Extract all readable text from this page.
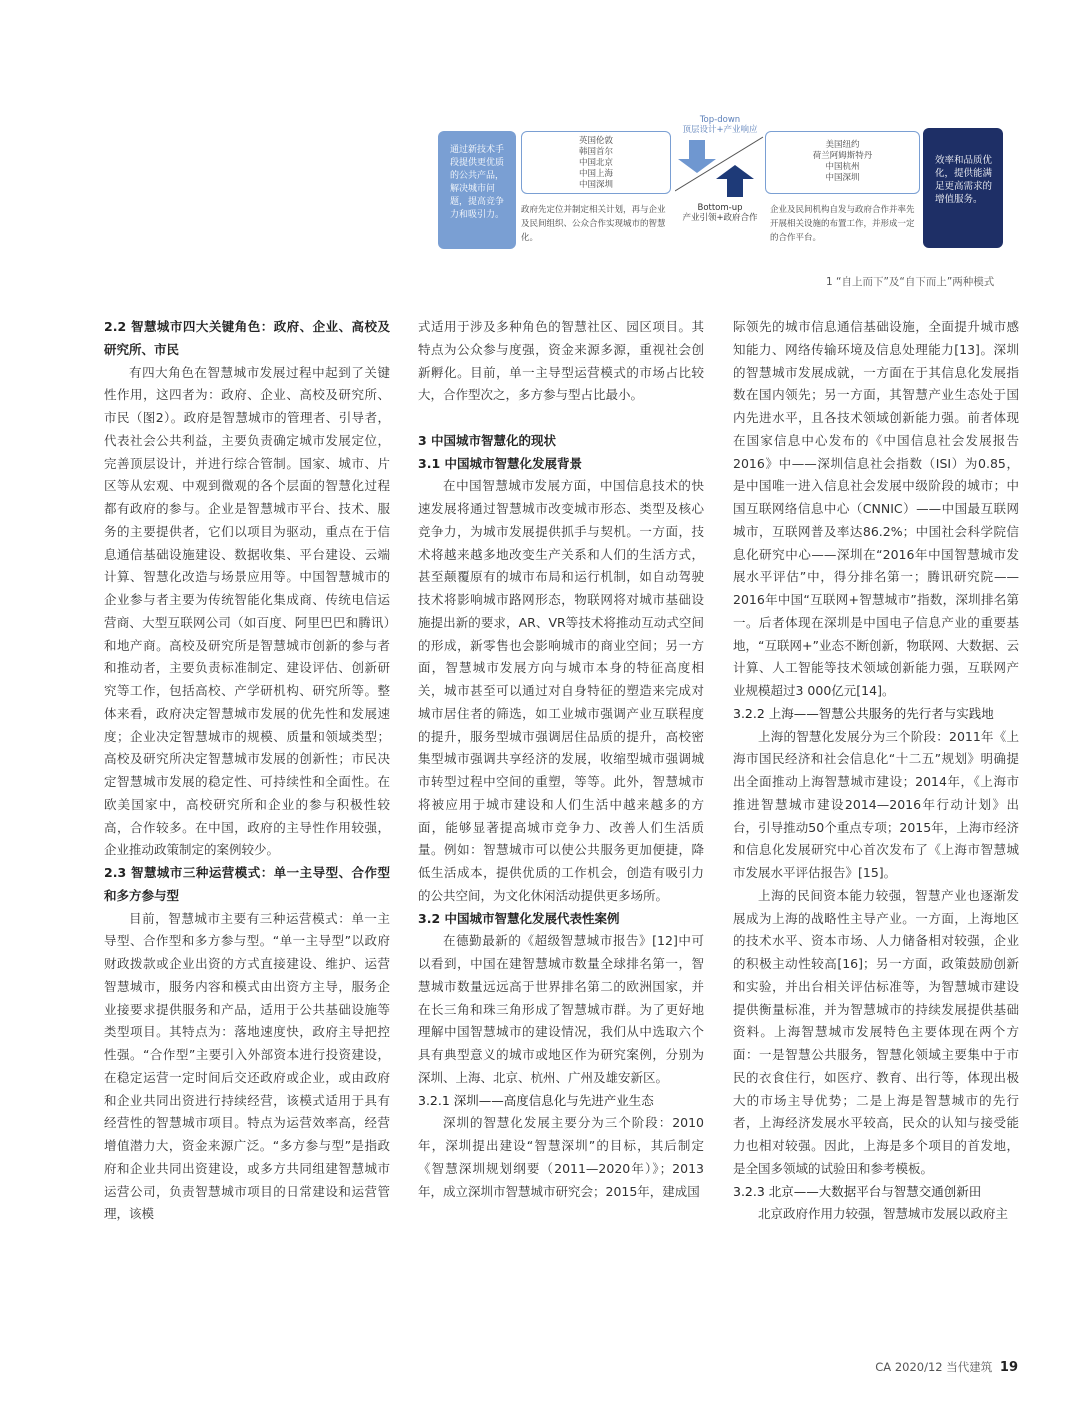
通过新技术手段提供更优质的公共产品，解决城市问题，提高竞争力和吸引力。
英国伦敦
韩国首尔
中国北京
中国上海
中国深圳
政府先定位并制定相关计划，再与企业及民间组织、公众合作实现城市的智慧化。
Top-down
顶层设计+产业响应
Bottom-up
产业引领+政府合作
美国纽约
荷兰阿姆斯特丹
中国杭州
中国深圳
企业及民间机构自发与政府合作并率先开展相关设施的布置工作，并形成一定的合作平台。
效率和品质优化，提供能满足更高需求的增值服务。
1 “自上而下”及“自下而上”两种模式
2.2 智慧城市四大关键角色：政府、企业、高校及研究所、市民

有四大角色在智慧城市发展过程中起到了关键性作用，这四者为：政府、企业、高校及研究所、市民（图2）。政府是智慧城市的管理者、引导者，代表社会公共利益，主要负责确定城市发展定位，完善顶层设计，并进行综合管制。国家、城市、片区等从宏观、中观到微观的各个层面的智慧化过程都有政府的参与。企业是智慧城市平台、技术、服务的主要提供者，它们以项目为驱动，重点在于信息通信基础设施建设、数据收集、平台建设、云端计算、智慧化改造与场景应用等。中国智慧城市的企业参与者主要为传统智能化集成商、传统电信运营商、大型互联网公司（如百度、阿里巴巴和腾讯）和地产商。高校及研究所是智慧城市创新的参与者和推动者，主要负责标准制定、建设评估、创新研究等工作，包括高校、产学研机构、研究所等。整体来看，政府决定智慧城市发展的优先性和发展速度；企业决定智慧城市的规模、质量和领域类型；高校及研究所决定智慧城市发展的创新性；市民决定智慧城市发展的稳定性、可持续性和全面性。在欧美国家中，高校研究所和企业的参与积极性较高，合作较多。在中国，政府的主导性作用较强，企业推动政策制定的案例较少。

2.3 智慧城市三种运营模式：单一主导型、合作型和多方参与型

目前，智慧城市主要有三种运营模式：单一主导型、合作型和多方参与型。“单一主导型”以政府财政拨款或企业出资的方式直接建设、维护、运营智慧城市，服务内容和模式由出资方主导，服务企业接要求提供服务和产品，适用于公共基础设施等类型项目。其特点为：落地速度快，政府主导把控性强。“合作型”主要引入外部资本进行投资建设，在稳定运营一定时间后交还政府或企业，或由政府和企业共同出资进行持续经营，该模式适用于具有经营性的智慧城市项目。特点为运营效率高，经营增值潜力大，资金来源广泛。“多方参与型”是指政府和企业共同出资建设，或多方共同组建智慧城市运营公司，负责智慧城市项目的日常建设和运营管理，该模

式适用于涉及多种角色的智慧社区、园区项目。其特点为公众参与度强，资金来源多源，重视社会创新孵化。目前，单一主导型运营模式的市场占比较大，合作型次之，多方参与型占比最小。

3 中国城市智慧化的现状
3.1 中国城市智慧化发展背景

在中国智慧城市发展方面，中国信息技术的快速发展将通过智慧城市改变城市形态、类型及核心竞争力，为城市发展提供抓手与契机。一方面，技术将越来越多地改变生产关系和人们的生活方式，甚至颠覆原有的城市布局和运行机制，如自动驾驶技术将影响城市路网形态，物联网将对城市基础设施提出新的要求，AR、VR等技术将推动互动式空间的形成，新零售也会影响城市的商业空间；另一方面，智慧城市发展方向与城市本身的特征高度相关，城市甚至可以通过对自身特征的塑造来完成对城市居住者的筛选，如工业城市强调产业互联程度的提升，服务型城市强调居住品质的提升，高校密集型城市强调共享经济的发展，收缩型城市强调城市转型过程中空间的重塑，等等。此外，智慧城市将被应用于城市建设和人们生活中越来越多的方面，能够显著提高城市竞争力、改善人们生活质量。例如：智慧城市可以使公共服务更加便捷，降低生活成本，提供优质的工作机会，创造有吸引力的公共空间，为文化休闲活动提供更多场所。

3.2 中国城市智慧化发展代表性案例

在德勤最新的《超级智慧城市报告》[12]中可以看到，中国在建智慧城市数量全球排名第一，智慧城市数量远远高于世界排名第二的欧洲国家，并在长三角和珠三角形成了智慧城市群。为了更好地理解中国智慧城市的建设情况，我们从中选取六个具有典型意义的城市或地区作为研究案例，分别为深圳、上海、北京、杭州、广州及雄安新区。

3.2.1 深圳——高度信息化与先进产业生态

深圳的智慧化发展主要分为三个阶段：2010年，深圳提出建设“智慧深圳”的目标，其后制定《智慧深圳规划纲要（2011—2020年）》；2013年，成立深圳市智慧城市研究会；2015年，建成国

际领先的城市信息通信基础设施，全面提升城市感知能力、网络传输环境及信息处理能力[13]。深圳的智慧城市发展成就，一方面在于其信息化发展指数在国内领先；另一方面，其智慧产业生态处于国内先进水平，且各技术领域创新能力强。前者体现在国家信息中心发布的《中国信息社会发展报告2016》中——深圳信息社会指数（ISI）为0.85，是中国唯一进入信息社会发展中级阶段的城市；中国互联网络信息中心（CNNIC）——中国最互联网城市，互联网普及率达86.2%；中国社会科学院信息化研究中心——深圳在“2016年中国智慧城市发展水平评估”中，得分排名第一；腾讯研究院——2016年中国“互联网+智慧城市”指数，深圳排名第一。后者体现在深圳是中国电子信息产业的重要基地，“互联网+”业态不断创新，物联网、大数据、云计算、人工智能等技术领域创新能力强，互联网产业规模超过3 000亿元[14]。

3.2.2 上海——智慧公共服务的先行者与实践地

上海的智慧化发展分为三个阶段：2011年《上海市国民经济和社会信息化“十二五”规划》明确提出全面推动上海智慧城市建设；2014年，《上海市推进智慧城市建设2014—2016年行动计划》出台，引导推动50个重点专项；2015年，上海市经济和信息化发展研究中心首次发布了《上海市智慧城市发展水平评估报告》[15]。

上海的民间资本能力较强，智慧产业也逐渐发展成为上海的战略性主导产业。一方面，上海地区的技术水平、资本市场、人力储备相对较强，企业的积极主动性较高[16]；另一方面，政策鼓励创新和实验，并出台相关评估标准等，为智慧城市建设提供衡量标准，并为智慧城市的持续发展提供基础资料。上海智慧城市发展特色主要体现在两个方面：一是智慧公共服务，智慧化领域主要集中于市民的衣食住行，如医疗、教育、出行等，体现出极大的市场主导优势；二是上海是智慧城市的先行者，上海经济发展水平较高，民众的认知与接受能力也相对较强。因此，上海是多个项目的首发地，是全国多领域的试验田和参考模板。

3.2.3 北京——大数据平台与智慧交通创新田

北京政府作用力较强，智慧城市发展以政府主

CA 2020/12 当代建筑 19
